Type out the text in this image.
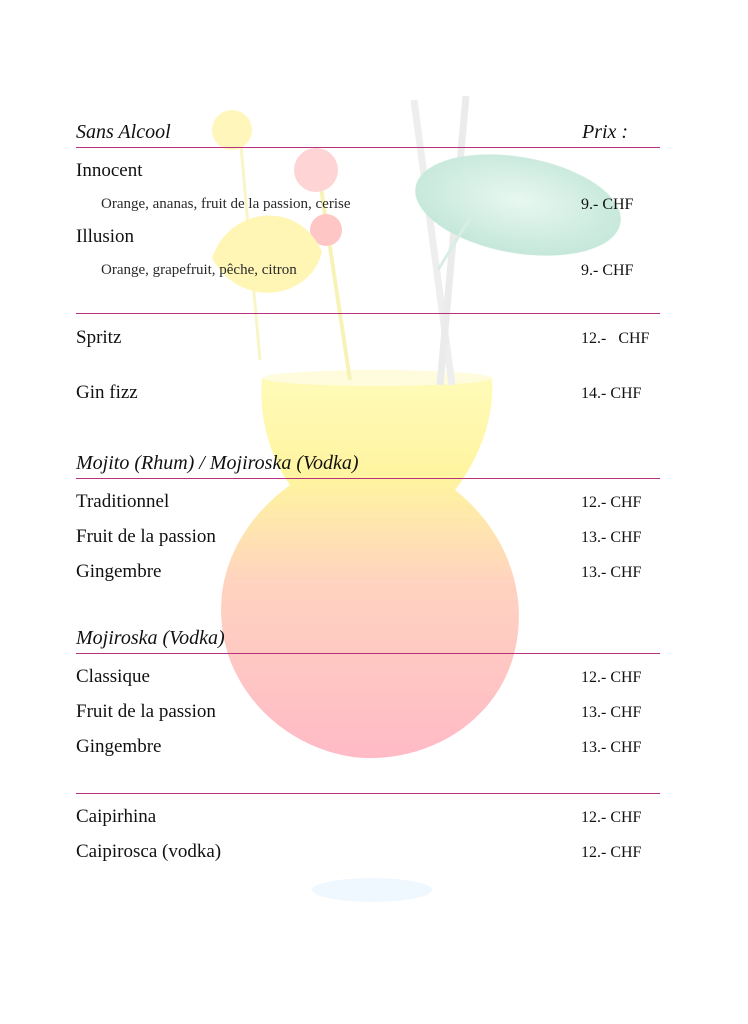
Sans Alcool	Prix :
Innocent
Orange, ananas, fruit de la passion, cerise	9.- CHF
Illusion
Orange, grapefruit, pêche, citron	9.- CHF
Spritz	12.-   CHF
Gin fizz	14.- CHF
Mojito (Rhum) / Mojiroska (Vodka)
Traditionnel	12.- CHF
Fruit de la passion	13.- CHF
Gingembre	13.- CHF
Mojiroska (Vodka)
Classique	12.- CHF
Fruit de la passion	13.- CHF
Gingembre	13.- CHF
Caipirhina	12.- CHF
Caipirosca (vodka)	12.- CHF
